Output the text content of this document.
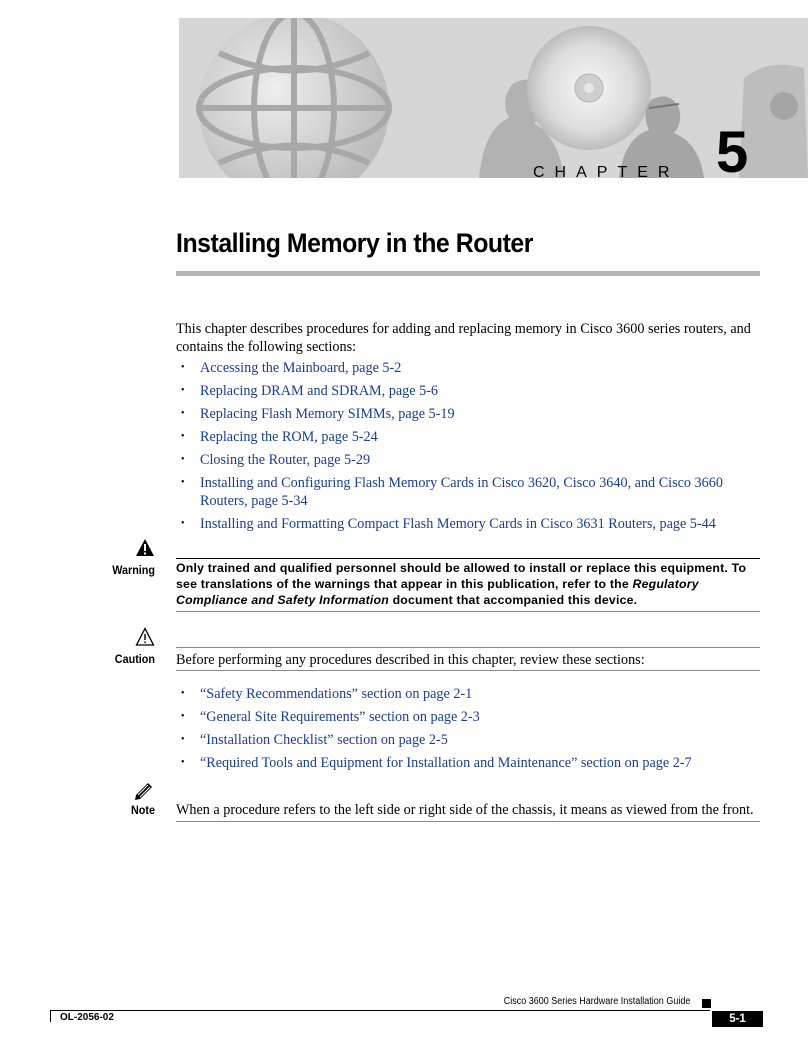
CHAPTER 5
Installing Memory in the Router

This chapter describes procedures for adding and replacing memory in Cisco 3600 series routers, and contains the following sections:

• Accessing the Mainboard, page 5-2
• Replacing DRAM and SDRAM, page 5-6
• Replacing Flash Memory SIMMs, page 5-19
• Replacing the ROM, page 5-24
• Closing the Router, page 5-29
• Installing and Configuring Flash Memory Cards in Cisco 3620, Cisco 3640, and Cisco 3660 Routers, page 5-34
• Installing and Formatting Compact Flash Memory Cards in Cisco 3631 Routers, page 5-44
Warning Only trained and qualified personnel should be allowed to install or replace this equipment. To see translations of the warnings that appear in this publication, refer to the Regulatory Compliance and Safety Information document that accompanied this device.
Caution Before performing any procedures described in this chapter, review these sections:
• “Safety Recommendations” section on page 2-1
• “General Site Requirements” section on page 2-3
• “Installation Checklist” section on page 2-5
• “Required Tools and Equipment for Installation and Maintenance” section on page 2-7
Note When a procedure refers to the left side or right side of the chassis, it means as viewed from the front.
Cisco 3600 Series Hardware Installation Guide
OL-2056-02	5-1
